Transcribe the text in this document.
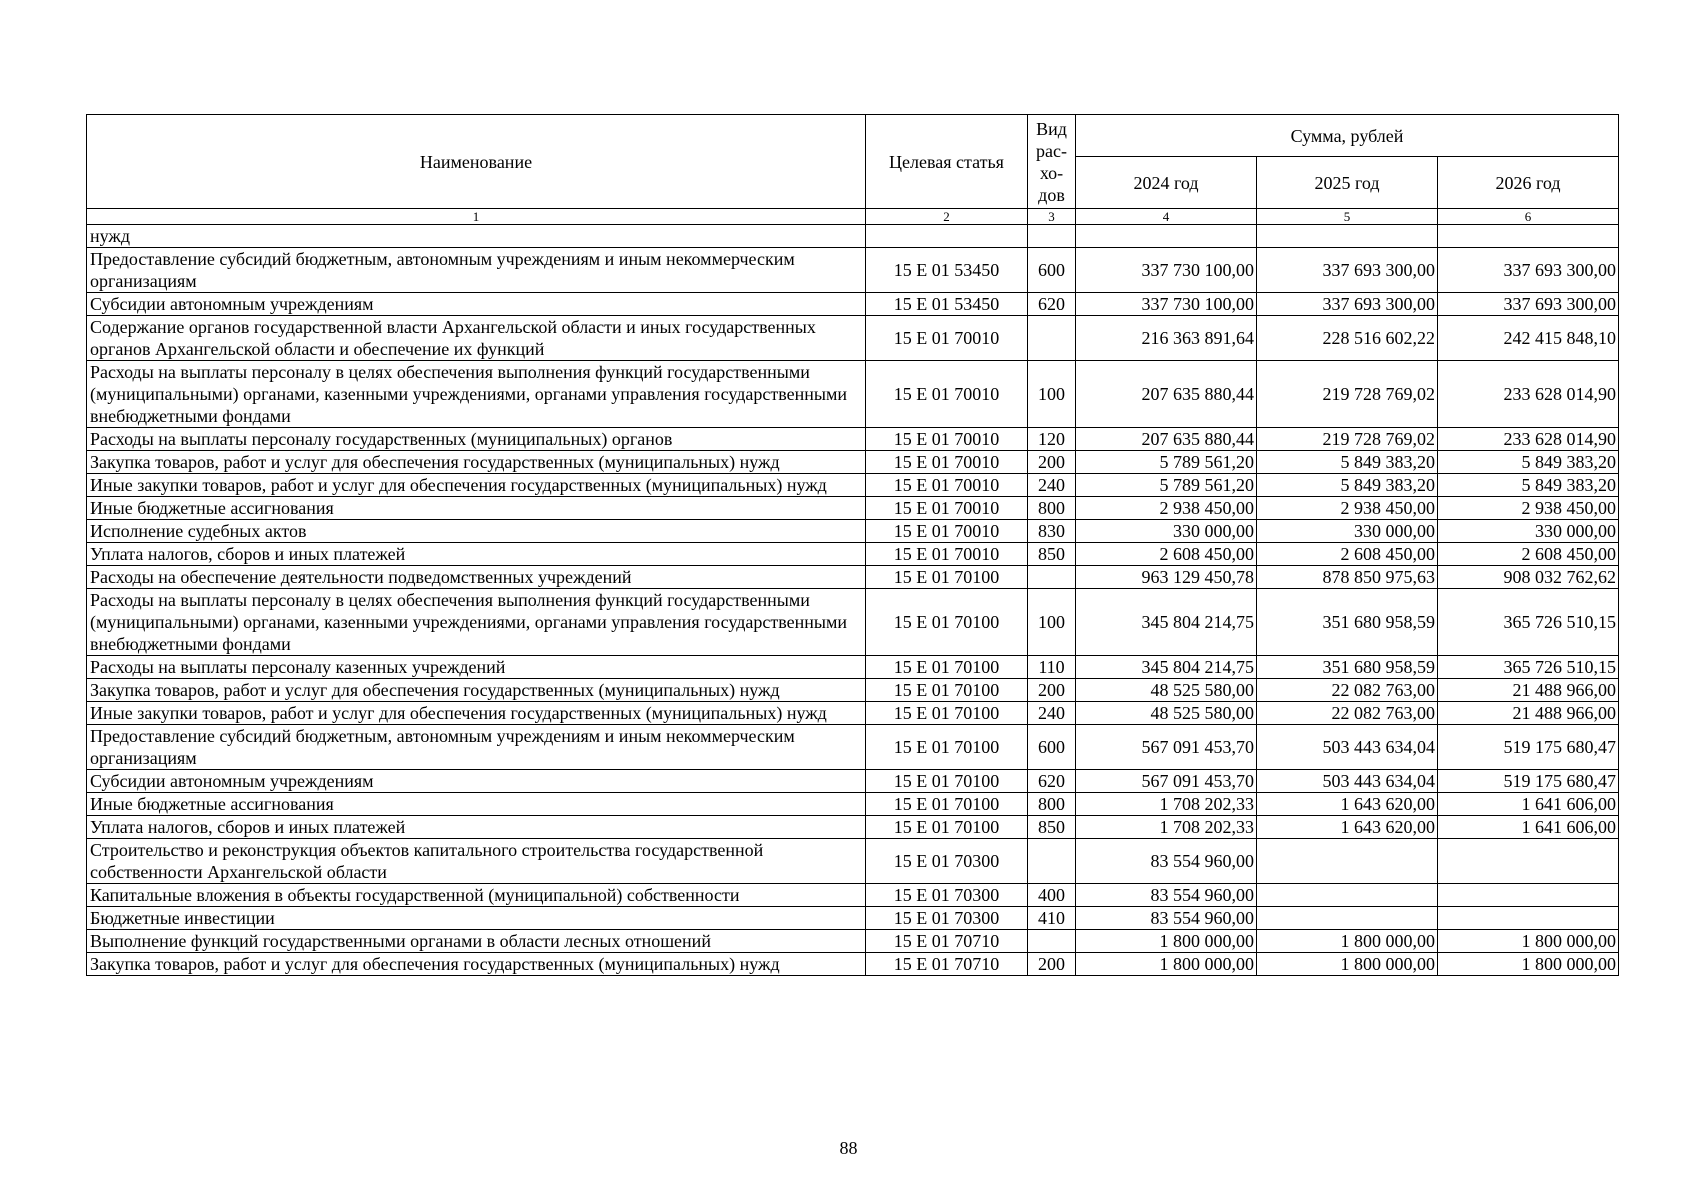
Наименование	Целевая статья	Вид
рас-
хо-
дов	Сумма, рублей		
			2024 год	2025 год	2026 год
1	2	3	4	5	6
нужд					
Предоставление субсидий бюджетным, автономным учреждениям и иным некоммерческим организациям	15 Е 01 53450	600	337 730 100,00	337 693 300,00	337 693 300,00
Субсидии автономным учреждениям	15 Е 01 53450	620	337 730 100,00	337 693 300,00	337 693 300,00
Содержание органов государственной власти Архангельской области и иных государственных органов Архангельской области и обеспечение их функций	15 Е 01 70010		216 363 891,64	228 516 602,22	242 415 848,10
Расходы на выплаты персоналу в целях обеспечения выполнения функций государственными (муниципальными) органами, казенными учреждениями, органами управления государственными внебюджетными фондами	15 Е 01 70010	100	207 635 880,44	219 728 769,02	233 628 014,90
Расходы на выплаты персоналу государственных (муниципальных) органов	15 Е 01 70010	120	207 635 880,44	219 728 769,02	233 628 014,90
Закупка товаров, работ и услуг для обеспечения государственных (муниципальных) нужд	15 Е 01 70010	200	5 789 561,20	5 849 383,20	5 849 383,20
Иные закупки товаров, работ и услуг для обеспечения государственных (муниципальных) нужд	15 Е 01 70010	240	5 789 561,20	5 849 383,20	5 849 383,20
Иные бюджетные ассигнования	15 Е 01 70010	800	2 938 450,00	2 938 450,00	2 938 450,00
Исполнение судебных актов	15 Е 01 70010	830	330 000,00	330 000,00	330 000,00
Уплата налогов, сборов и иных платежей	15 Е 01 70010	850	2 608 450,00	2 608 450,00	2 608 450,00
Расходы на обеспечение деятельности подведомственных учреждений	15 Е 01 70100		963 129 450,78	878 850 975,63	908 032 762,62
Расходы на выплаты персоналу в целях обеспечения выполнения функций государственными (муниципальными) органами, казенными учреждениями, органами управления государственными внебюджетными фондами	15 Е 01 70100	100	345 804 214,75	351 680 958,59	365 726 510,15
Расходы на выплаты персоналу казенных учреждений	15 Е 01 70100	110	345 804 214,75	351 680 958,59	365 726 510,15
Закупка товаров, работ и услуг для обеспечения государственных (муниципальных) нужд	15 Е 01 70100	200	48 525 580,00	22 082 763,00	21 488 966,00
Иные закупки товаров, работ и услуг для обеспечения государственных (муниципальных) нужд	15 Е 01 70100	240	48 525 580,00	22 082 763,00	21 488 966,00
Предоставление субсидий бюджетным, автономным учреждениям и иным некоммерческим организациям	15 Е 01 70100	600	567 091 453,70	503 443 634,04	519 175 680,47
Субсидии автономным учреждениям	15 Е 01 70100	620	567 091 453,70	503 443 634,04	519 175 680,47
Иные бюджетные ассигнования	15 Е 01 70100	800	1 708 202,33	1 643 620,00	1 641 606,00
Уплата налогов, сборов и иных платежей	15 Е 01 70100	850	1 708 202,33	1 643 620,00	1 641 606,00
Строительство и реконструкция объектов капитального строительства государственной собственности Архангельской области	15 Е 01 70300		83 554 960,00		
Капитальные вложения в объекты государственной (муниципальной) собственности	15 Е 01 70300	400	83 554 960,00		
Бюджетные инвестиции	15 Е 01 70300	410	83 554 960,00		
Выполнение функций государственными органами в области лесных отношений	15 Е 01 70710		1 800 000,00	1 800 000,00	1 800 000,00
Закупка товаров, работ и услуг для обеспечения государственных (муниципальных) нужд	15 Е 01 70710	200	1 800 000,00	1 800 000,00	1 800 000,00
88
